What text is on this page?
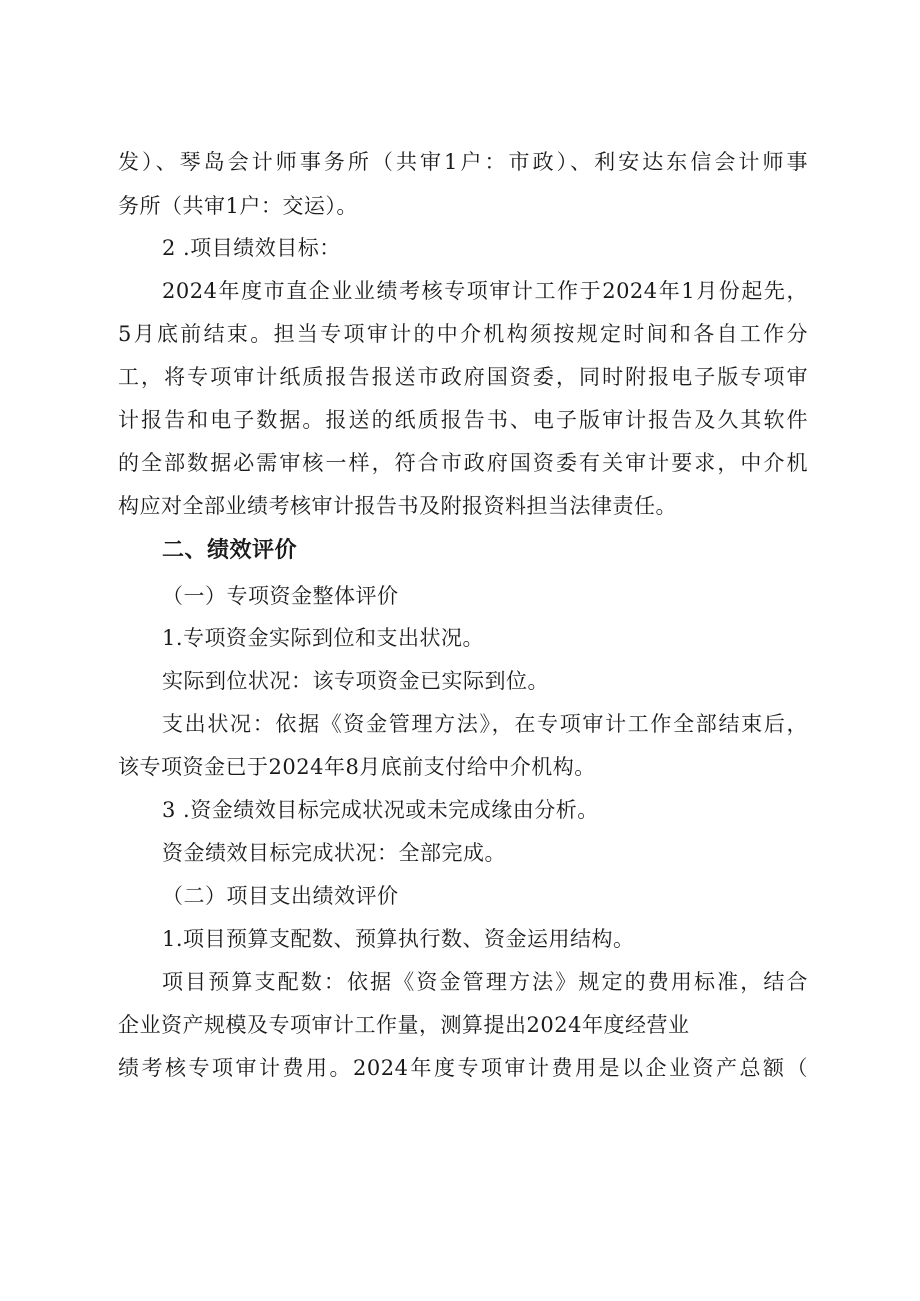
发）、琴岛会计师事务所（共审1户：市政）、利安达东信会计师事
务所（共审1户：交运）。
2 .项目绩效目标：
2024年度市直企业业绩考核专项审计工作于2024年1月份起先，
5月底前结束。担当专项审计的中介机构须按规定时间和各自工作分
工，将专项审计纸质报告报送市政府国资委，同时附报电子版专项审
计报告和电子数据。报送的纸质报告书、电子版审计报告及久其软件
的全部数据必需审核一样，符合市政府国资委有关审计要求，中介机
构应对全部业绩考核审计报告书及附报资料担当法律责任。
二、绩效评价
（一）专项资金整体评价
1.专项资金实际到位和支出状况。
实际到位状况：该专项资金已实际到位。
支出状况：依据《资金管理方法》，在专项审计工作全部结束后，
该专项资金已于2024年8月底前支付给中介机构。
3 .资金绩效目标完成状况或未完成缘由分析。
资金绩效目标完成状况：全部完成。
（二）项目支出绩效评价
1.项目预算支配数、预算执行数、资金运用结构。
项目预算支配数：依据《资金管理方法》规定的费用标准，结合
企业资产规模及专项审计工作量，测算提出2024年度经营业
绩考核专项审计费用。2024年度专项审计费用是以企业资产总额（
